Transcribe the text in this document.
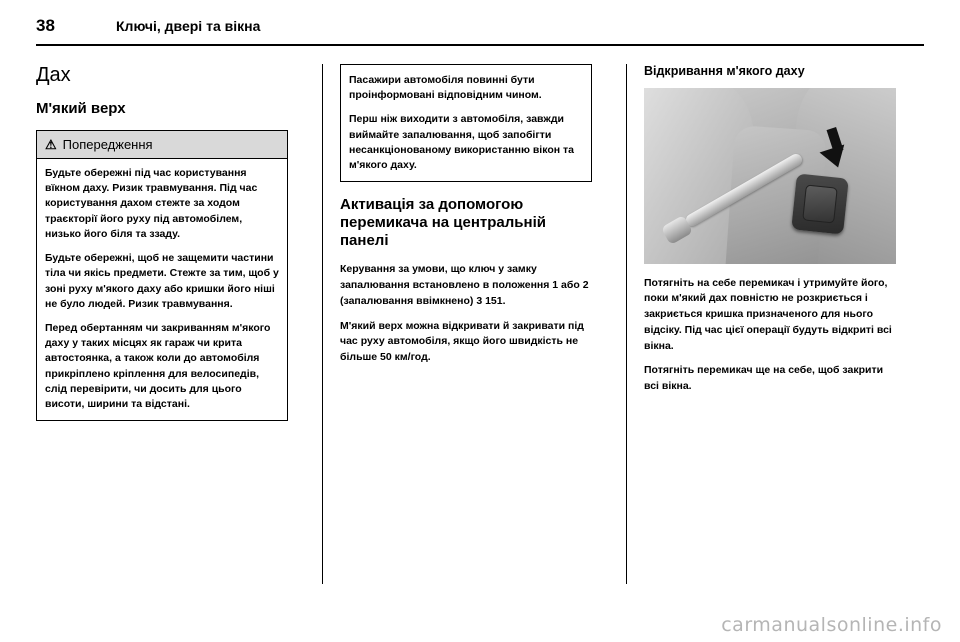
38	Ключі, двері та вікна
Дах
М'який верх
⚠ Попередження

Будьте обережні під час користування вїкном даху. Ризик травмування. Під час користування дахом стежте за ходом траєкторії його руху під автомобілем, низько його біля та ззаду.

Будьте обережні, щоб не защемити частини тіла чи якісь предмети. Стежте за тим, щоб у зоні руху м'якого даху або кришки його ніші не було людей. Ризик травмування.

Перед обертанням чи закриванням м'якого даху у таких місцях як гараж чи крита автостоянка, а також коли до автомобіля прикріплено кріплення для велосипедів, слід перевірити, чи досить для цього висоти, ширини та відстані.

Пасажири автомобіля повинні бути проінформовані відповідним чином.

Перш ніж виходити з автомобіля, завжди виймайте запалювання, щоб запобігти несанкціонованому використанню вікон та м'якого даху.

Активація за допомогою перемикача на центральній панелі

Керування за умови, що ключ у замку запалювання встановлено в положення 1 або 2 (запалювання ввімкнено) 3 151.

М'який верх можна відкривати й закривати під час руху автомобіля, якщо його швидкість не більше 50 км/год.

Відкривання м'якого даху

Потягніть на себе перемикач і утримуйте його, поки м'який дах повністю не розкриється і закриється кришка призначеного для нього відсіку. Під час цієї операції будуть відкриті всі вікна.

Потягніть перемикач ще на себе, щоб закрити всі вікна.

carmanualsonline.info
